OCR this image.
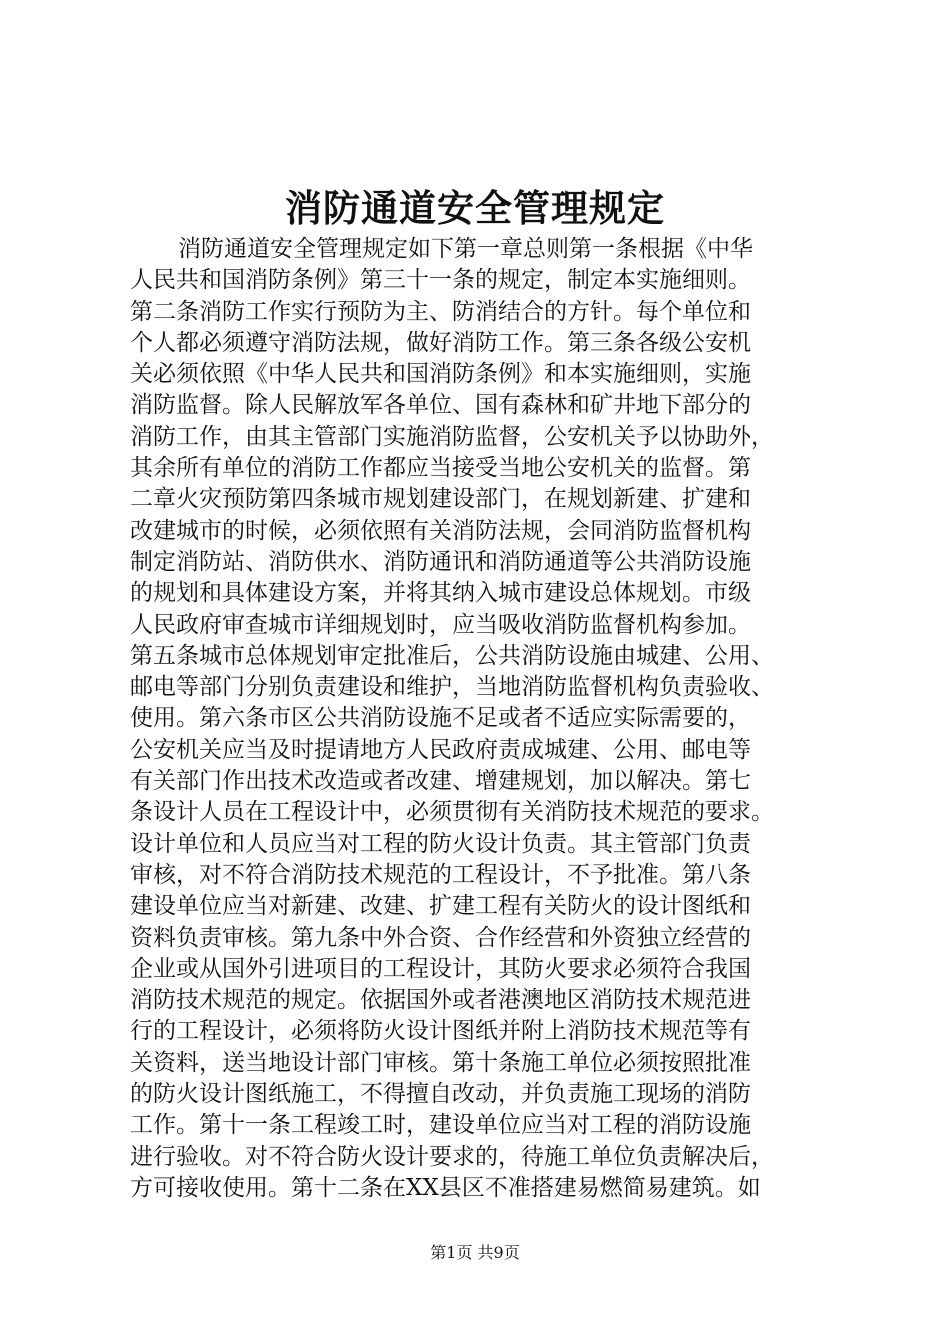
消防通道安全管理规定
消防通道安全管理规定如下第一章总则第一条根据《中华
人民共和国消防条例》第三十一条的规定，制定本实施细则。
第二条消防工作实行预防为主、防消结合的方针。每个单位和
个人都必须遵守消防法规，做好消防工作。第三条各级公安机
关必须依照《中华人民共和国消防条例》和本实施细则，实施
消防监督。除人民解放军各单位、国有森林和矿井地下部分的
消防工作，由其主管部门实施消防监督，公安机关予以协助外，
其余所有单位的消防工作都应当接受当地公安机关的监督。第
二章火灾预防第四条城市规划建设部门，在规划新建、扩建和
改建城市的时候，必须依照有关消防法规，会同消防监督机构
制定消防站、消防供水、消防通讯和消防通道等公共消防设施
的规划和具体建设方案，并将其纳入城市建设总体规划。市级
人民政府审查城市详细规划时，应当吸收消防监督机构参加。
第五条城市总体规划审定批准后，公共消防设施由城建、公用、
邮电等部门分别负责建设和维护，当地消防监督机构负责验收、
使用。第六条市区公共消防设施不足或者不适应实际需要的，
公安机关应当及时提请地方人民政府责成城建、公用、邮电等
有关部门作出技术改造或者改建、增建规划，加以解决。第七
条设计人员在工程设计中，必须贯彻有关消防技术规范的要求。
设计单位和人员应当对工程的防火设计负责。其主管部门负责
审核，对不符合消防技术规范的工程设计，不予批准。第八条
建设单位应当对新建、改建、扩建工程有关防火的设计图纸和
资料负责审核。第九条中外合资、合作经营和外资独立经营的
企业或从国外引进项目的工程设计，其防火要求必须符合我国
消防技术规范的规定。依据国外或者港澳地区消防技术规范进
行的工程设计，必须将防火设计图纸并附上消防技术规范等有
关资料，送当地设计部门审核。第十条施工单位必须按照批准
的防火设计图纸施工，不得擅自改动，并负责施工现场的消防
工作。第十一条工程竣工时，建设单位应当对工程的消防设施
进行验收。对不符合防火设计要求的，待施工单位负责解决后，
方可接收使用。第十二条在XX县区不准搭建易燃简易建筑。如
第1页 共9页
